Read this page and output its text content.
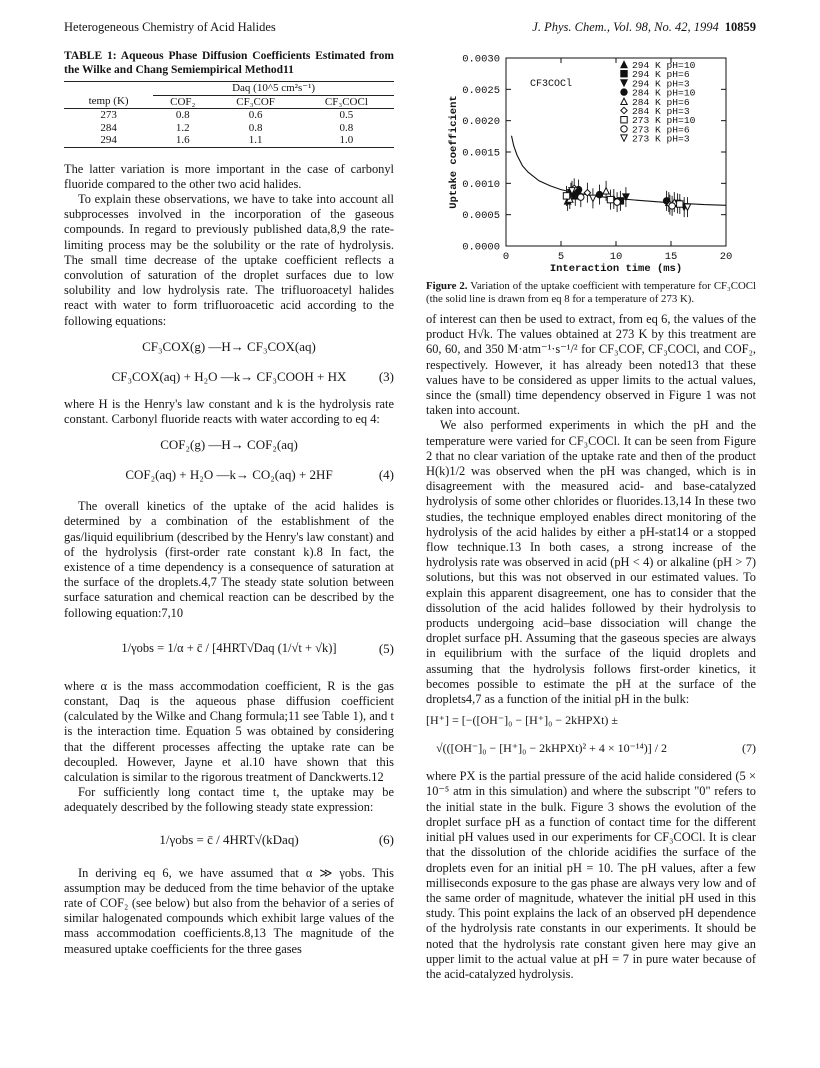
Heterogeneous Chemistry of Acid Halides	J. Phys. Chem., Vol. 98, No. 42, 1994 10859
TABLE 1: Aqueous Phase Diffusion Coefficients Estimated from the Wilke and Chang Semiempirical Method11
	Daq (10^5 cm²s⁻¹)		
temp (K)	COF₂	CF₃COF	CF₃COCl
273	0.8	0.6	0.5
284	1.2	0.8	0.8
294	1.6	1.1	1.0

The latter variation is more important in the case of carbonyl fluoride compared to the other two acid halides.

To explain these observations, we have to take into account all subprocesses involved in the incorporation of the gaseous compounds. In regard to previously published data,8,9 the rate-limiting process may be the solubility or the rate of hydrolysis. The small time decrease of the uptake coefficient reflects a convolution of saturation of the droplet surfaces due to low solubility and low hydrolysis rate. The trifluoroacetyl halides react with water to form trifluoroacetic acid according to the following equations:

CF₃COX(g) —H→ CF₃COX(aq)
CF₃COX(aq) + H₂O —k→ CF₃COOH + HX	(3)

where H is the Henry's law constant and k is the hydrolysis rate constant. Carbonyl fluoride reacts with water according to eq 4:

COF₂(g) —H→ COF₂(aq)
COF₂(aq) + H₂O —k→ CO₂(aq) + 2HF	(4)

The overall kinetics of the uptake of the acid halides is determined by a combination of the establishment of the gas/liquid equilibrium (described by the Henry's law constant) and of the hydrolysis (first-order rate constant k).8 In fact, the existence of a time dependency is a consequence of saturation at the surface of the droplets.4,7 The steady state solution between surface saturation and chemical reaction can be described by the following equation:7,10

1/γobs = 1/α + c̄ / [4HRT√Daq (1/√t + √k)]	(5)

where α is the mass accommodation coefficient, R is the gas constant, Daq is the aqueous phase diffusion coefficient (calculated by the Wilke and Chang formula;11 see Table 1), and t is the interaction time. Equation 5 was obtained by considering that the different processes affecting the uptake rate can be decoupled. However, Jayne et al.10 have shown that this calculation is similar to the rigorous treatment of Danckwerts.12

For sufficiently long contact time t, the uptake may be adequately described by the following steady state expression:

1/γobs = c̄ / 4HRT√(kDaq)	(6)

In deriving eq 6, we have assumed that α ≫ γobs. This assumption may be deduced from the time behavior of the uptake rate of COF₂ (see below) but also from the behavior of a series of similar halogenated compounds which exhibit large values of the mass accommodation coefficients.8,13 The magnitude of the measured uptake coefficients for the three gases

0.0000
0.0005
0.0010
0.0015
0.0020
0.0025
0.0030
0	5	10	15	20
Interaction time (ms)
Uptake coefficient
CF3COCl
294 K pH=10
294 K pH=6
294 K pH=3
284 K pH=10
284 K pH=6
284 K pH=3
273 K pH=10
273 K pH=6
273 K pH=3
Figure 2. Variation of the uptake coefficient with temperature for CF₃COCl (the solid line is drawn from eq 8 for a temperature of 273 K).

of interest can then be used to extract, from eq 6, the values of the product H√k. The values obtained at 273 K by this treatment are 60, 60, and 350 M·atm⁻¹·s⁻¹/² for CF₃COF, CF₃COCl, and COF₂, respectively. However, it has already been noted13 that these values have to be considered as upper limits to the actual values, since the (small) time dependency observed in Figure 1 was not taken into account.

We also performed experiments in which the pH and the temperature were varied for CF₃COCl. It can be seen from Figure 2 that no clear variation of the uptake rate and then of the product H(k)1/2 was observed when the pH was changed, which is in disagreement with the measured acid- and base-catalyzed hydrolysis of some other chlorides or fluorides.13,14 In these two studies, the technique employed enables direct monitoring of the hydrolysis of the acid halides by either a pH-stat14 or a stopped flow technique.13 In both cases, a strong increase of the hydrolysis rate was observed in acid (pH < 4) or alkaline (pH > 7) solutions, but this was not observed in our estimated values. To explain this apparent disagreement, one has to consider that the dissolution of the acid halides followed by their hydrolysis to products undergoing acid–base dissociation will change the droplet surface pH. Assuming that the gaseous species are always in equilibrium with the surface of the liquid droplets and assuming that the hydrolysis follows first-order kinetics, it becomes possible to estimate the pH at the surface of the droplets4,7 as a function of the initial pH in the bulk:

[H⁺] = [−([OH⁻]₀ − [H⁺]₀ − 2kHPXt) ±
√(([OH⁻]₀ − [H⁺]₀ − 2kHPXt)² + 4 × 10⁻¹⁴)] / 2	(7)

where PX is the partial pressure of the acid halide considered (5 × 10⁻⁵ atm in this simulation) and where the subscript "0" refers to the initial state in the bulk. Figure 3 shows the evolution of the droplet surface pH as a function of contact time for the different initial pH values used in our experiments for CF₃COCl. It is clear that the dissolution of the chloride acidifies the surface of the droplets even for an initial pH = 10. The pH values, after a few milliseconds exposure to the gas phase are always very low and of the same order of magnitude, whatever the initial pH used in this study. This point explains the lack of an observed pH dependence of the hydrolysis rate constants in our experiments. It should be noted that the hydrolysis rate constant given here may give an upper limit to the actual value at pH = 7 in pure water because of the acid-catalyzed hydrolysis.
